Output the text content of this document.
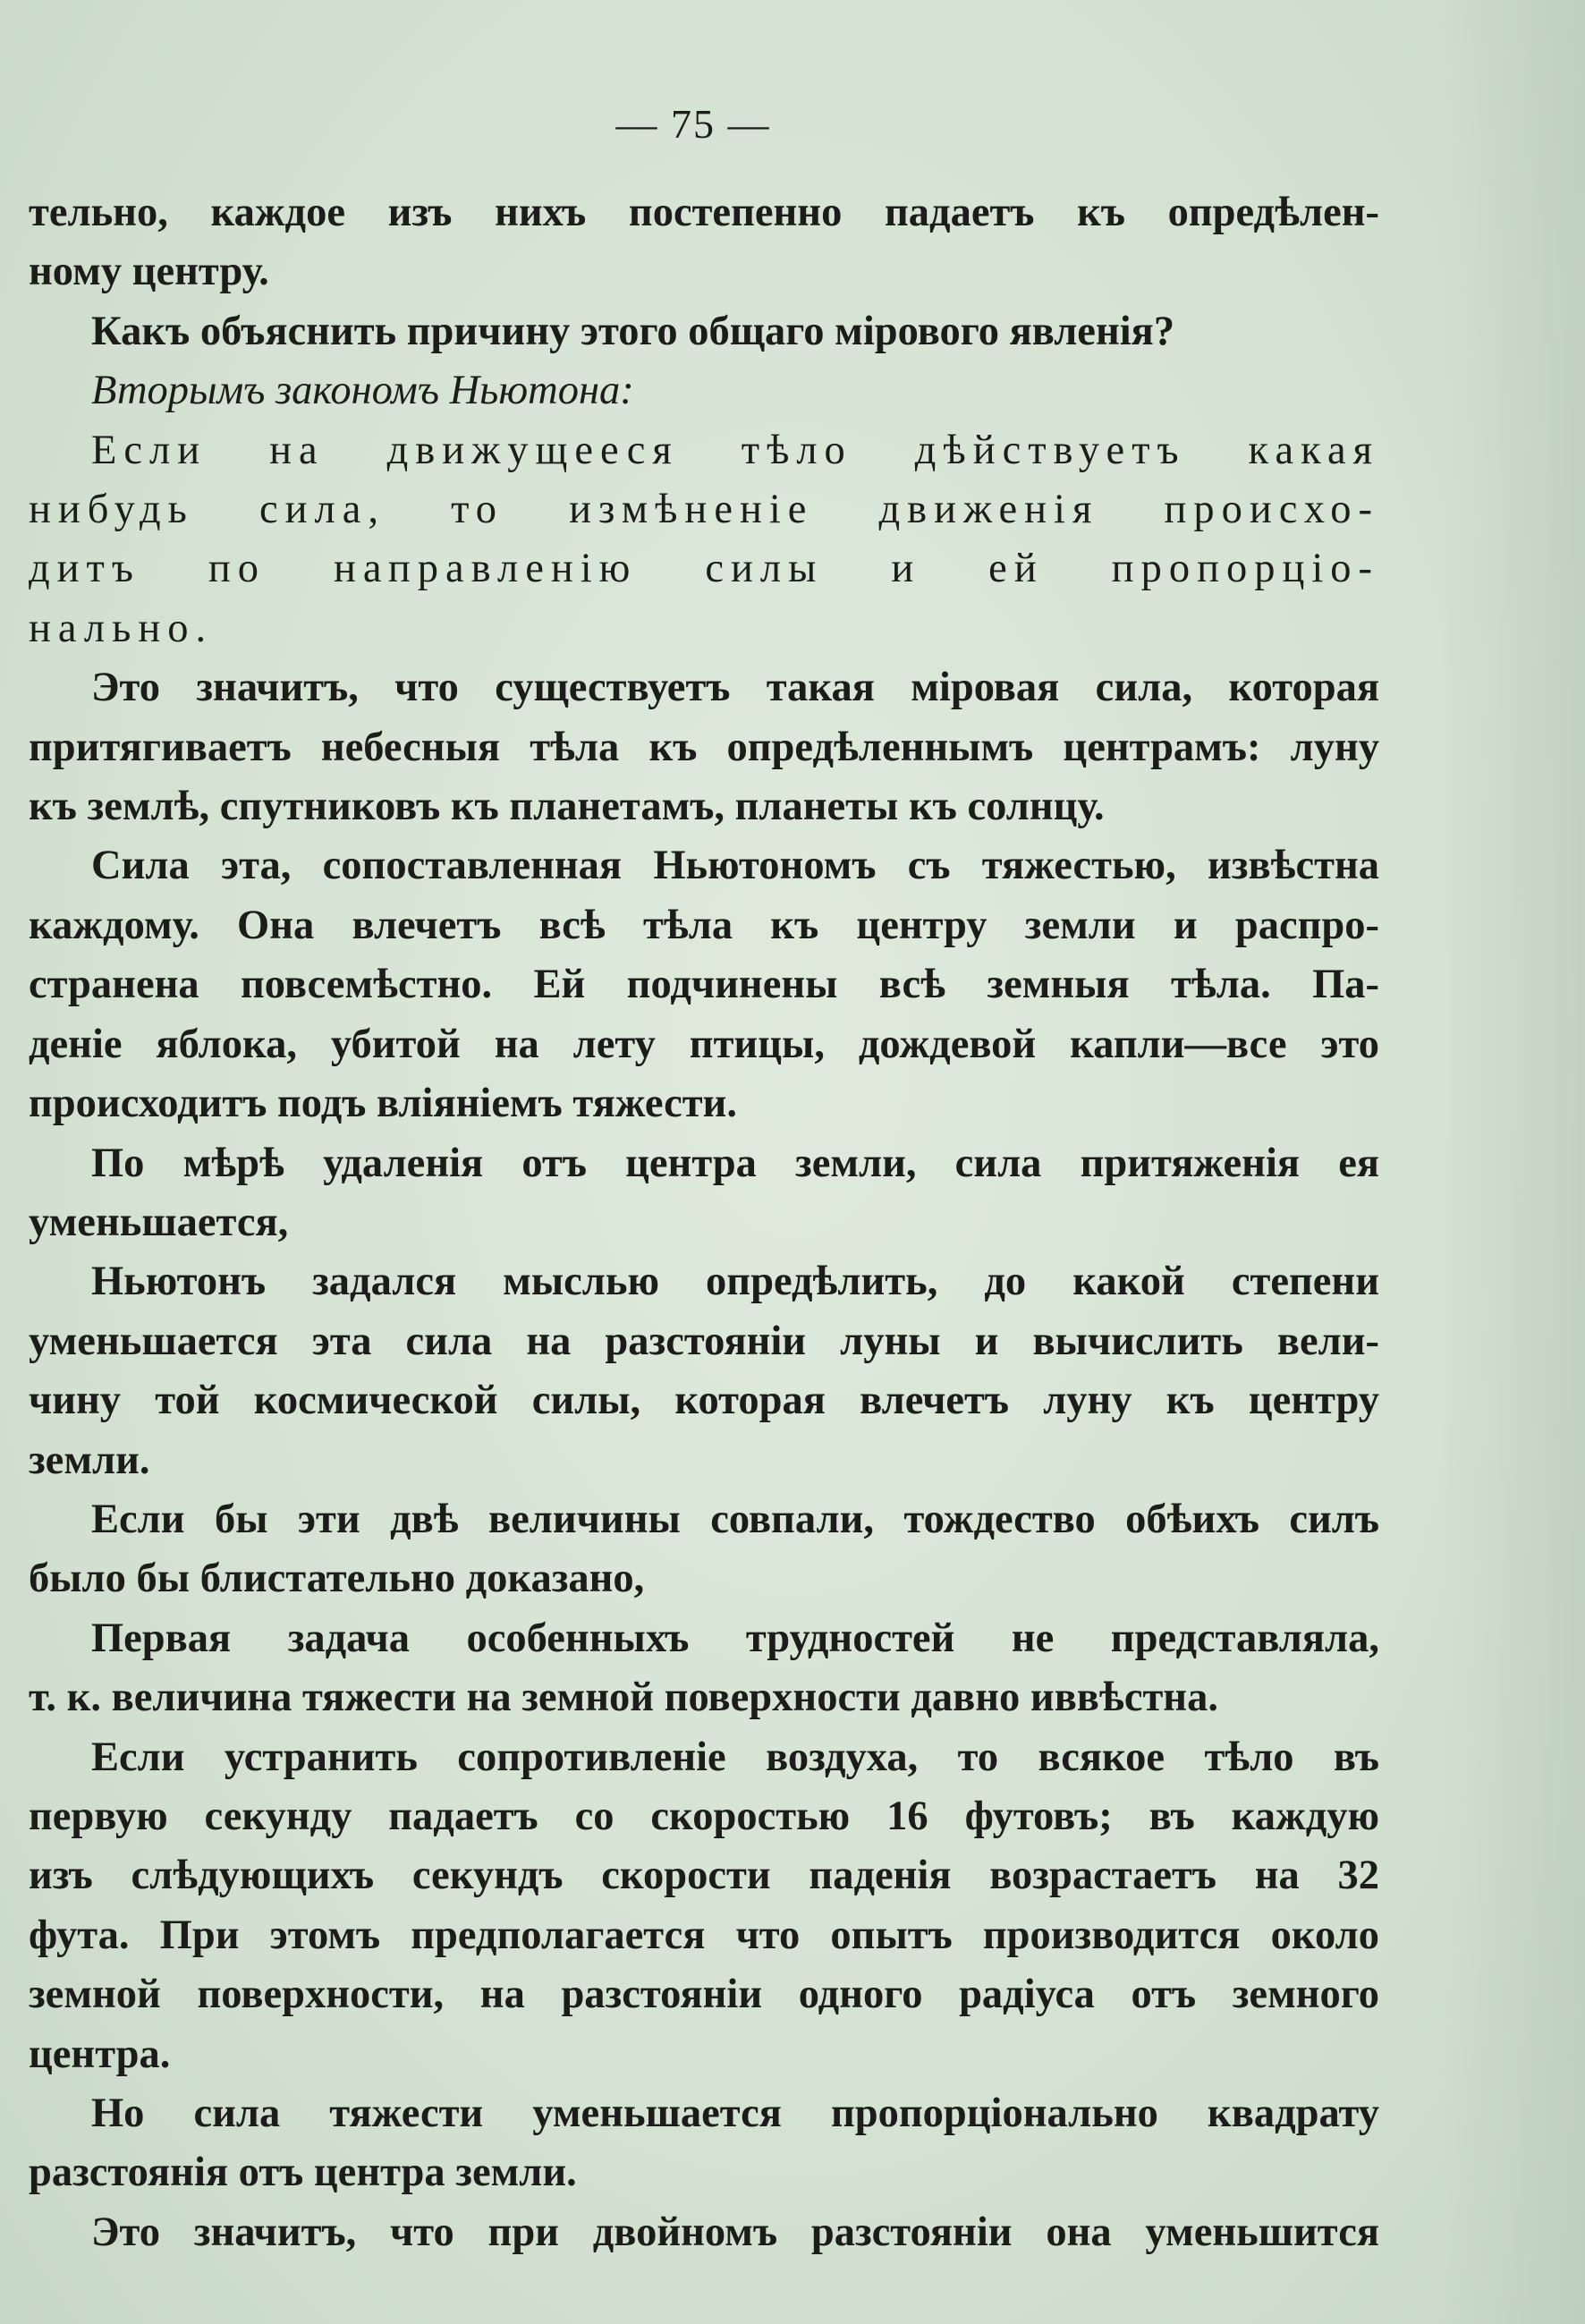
— 75 —

тельно, каждое изъ нихъ постепенно падаетъ къ опредѣлен-

ному центру.

Какъ объяснить причину этого общаго мірового явленія?

Вторымъ закономъ Ньютона:

Если на движущееся тѣло дѣйствуетъ какая

нибудь сила, то измѣненіе движенія происхо-

дитъ по направленію силы и ей пропорціо-

нально.

Это значитъ, что существуетъ такая міровая сила, которая

притягиваетъ небесныя тѣла къ опредѣленнымъ центрамъ: луну

къ землѣ, спутниковъ къ планетамъ, планеты къ солнцу.

Сила эта, сопоставленная Ньютономъ съ тяжестью, извѣстна

каждому. Она влечетъ всѣ тѣла къ центру земли и распро-

странена повсемѣстно. Ей подчинены всѣ земныя тѣла. Па-

деніе яблока, убитой на лету птицы, дождевой капли—все это

происходитъ подъ вліяніемъ тяжести.

По мѣрѣ удаленія отъ центра земли, сила притяженія ея

уменьшается,

Ньютонъ задался мыслью опредѣлить, до какой степени

уменьшается эта сила на разстояніи луны и вычислить вели-

чину той космической силы, которая влечетъ луну къ центру

земли.

Если бы эти двѣ величины совпали, тождество обѣихъ силъ

было бы блистательно доказано,

Первая задача особенныхъ трудностей не представляла,

т. к. величина тяжести на земной поверхности давно иввѣстна.

Если устранить сопротивленіе воздуха, то всякое тѣло въ

первую секунду падаетъ со скоростью 16 футовъ; въ каждую

изъ слѣдующихъ секундъ скорости паденія возрастаетъ на 32

фута. При этомъ предполагается что опытъ производится около

земной поверхности, на разстояніи одного радіуса отъ земного

центра.

Но сила тяжести уменьшается пропорціонально квадрату

разстоянія отъ центра земли.

Это значитъ, что при двойномъ разстояніи она уменьшится
